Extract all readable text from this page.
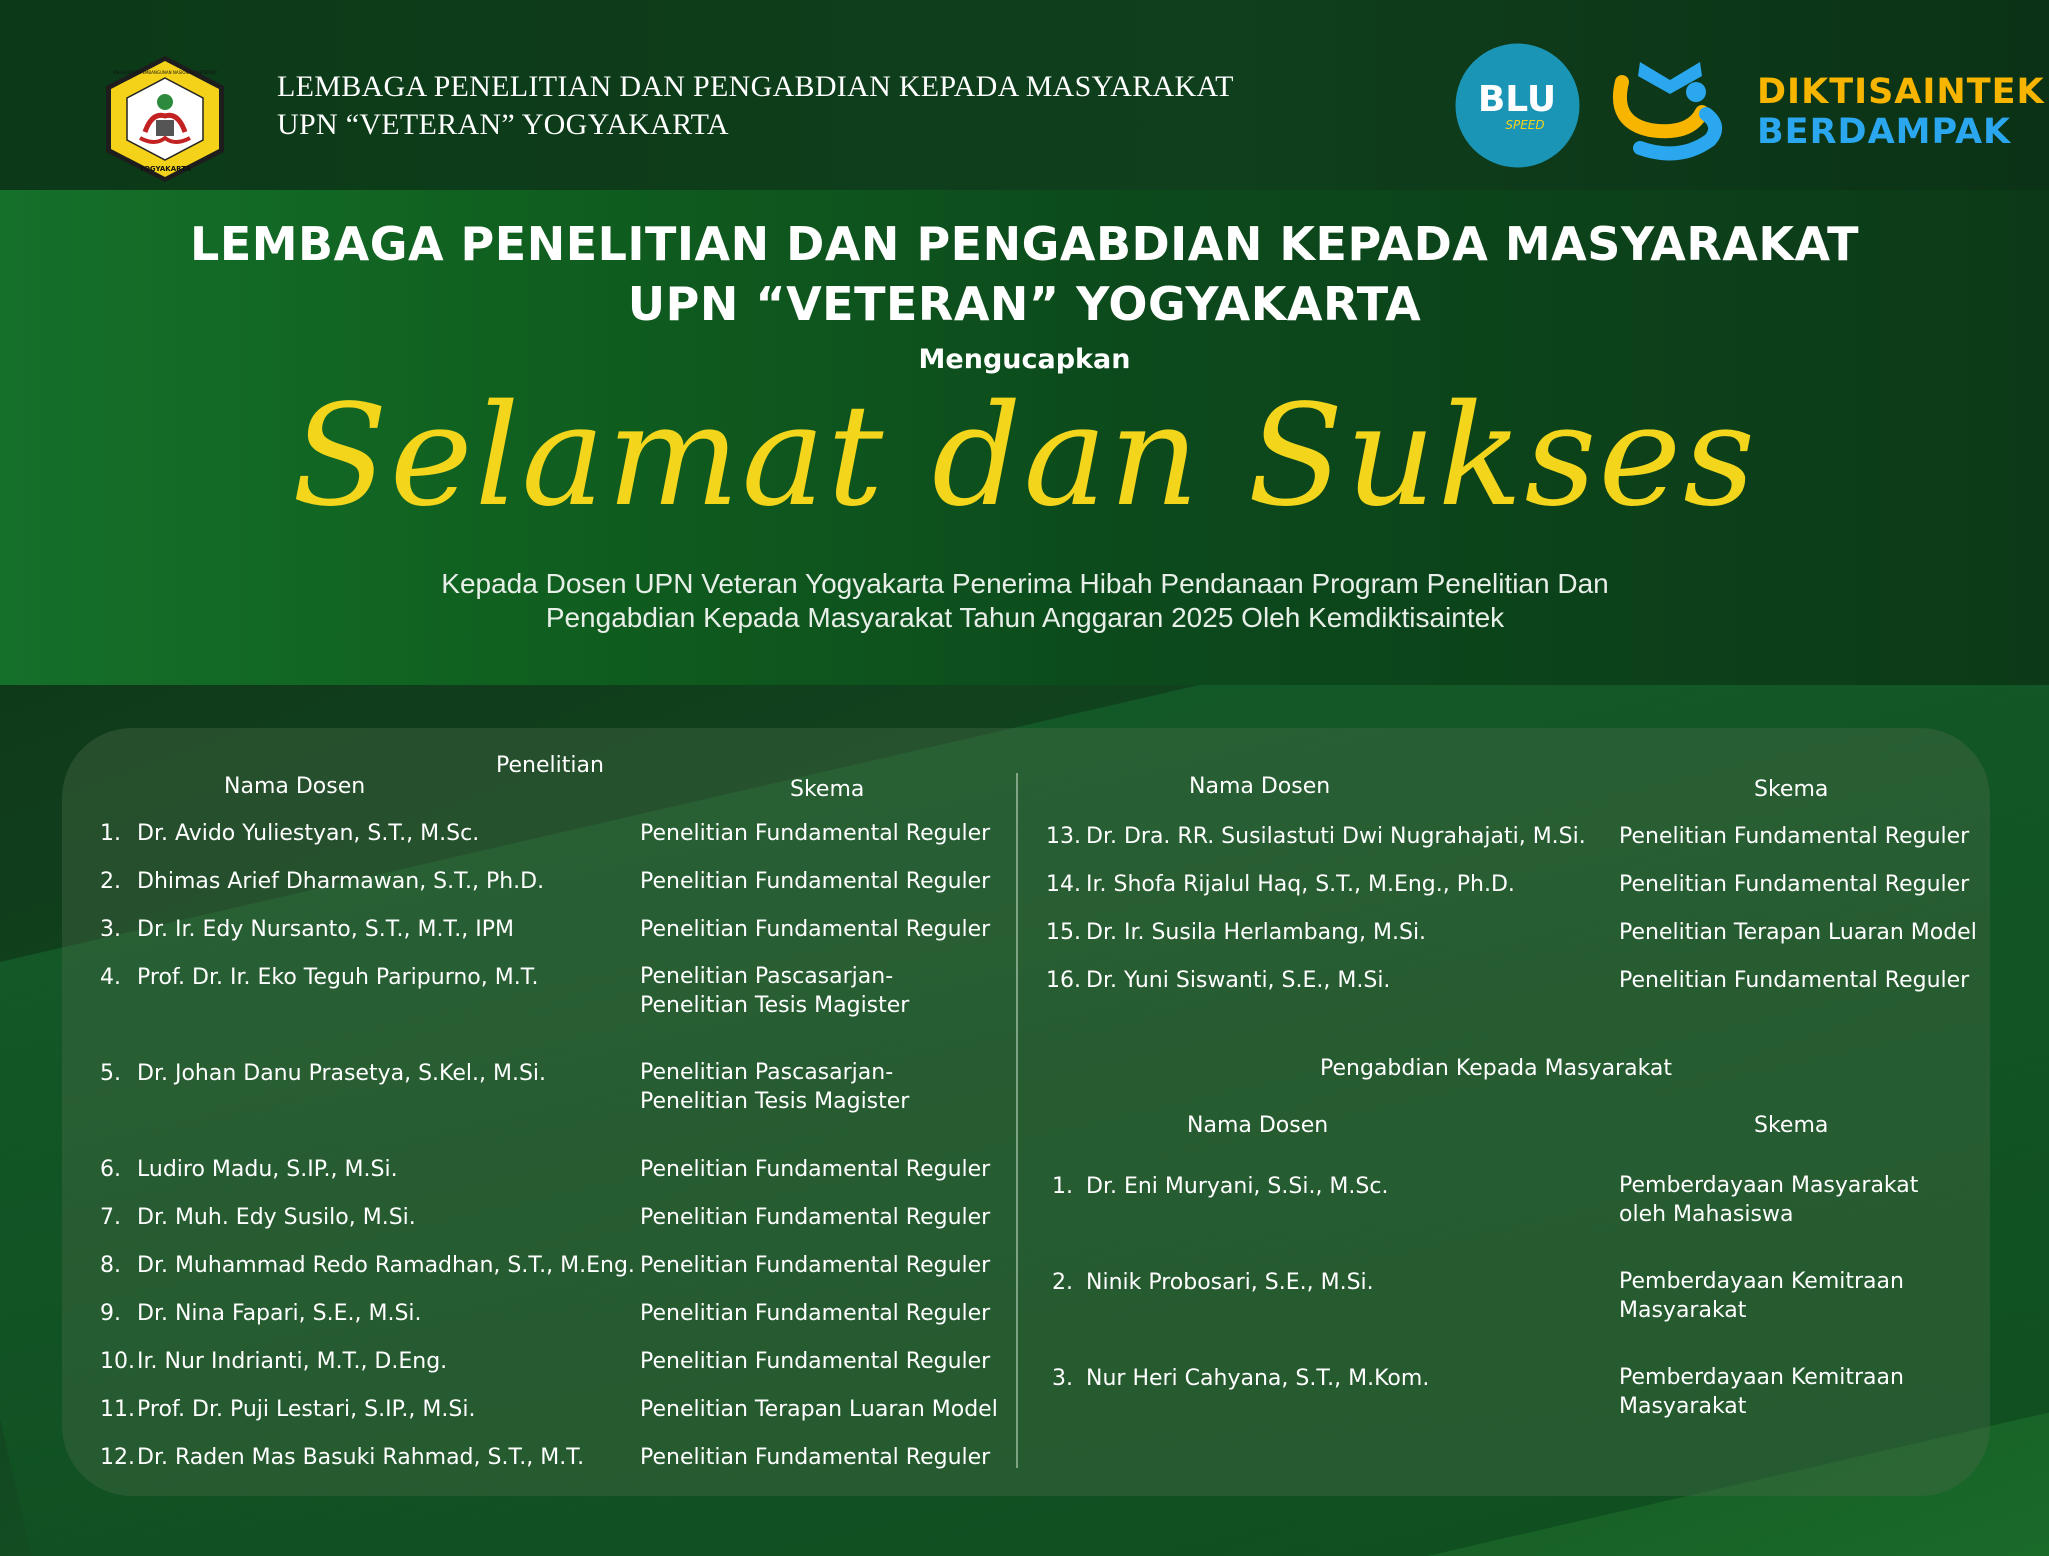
YOGYAKARTA
UNIVERSITAS PEMBANGUNAN NASIONAL “VETERAN” LEMBAGA PENELITIAN DAN PENGABDIAN KEPADA MASYARAKAT
UPN “VETERAN” YOGYAKARTA
BLU
SPEED
DIKTISAINTEK
BERDAMPAK
LEMBAGA PENELITIAN DAN PENGABDIAN KEPADA MASYARAKAT
UPN “VETERAN” YOGYAKARTA
Mengucapkan
Selamat dan Sukses
Kepada Dosen UPN Veteran Yogyakarta Penerima Hibah Pendanaan Program Penelitian Dan Pengabdian Kepada Masyarakat Tahun Anggaran 2025 Oleh Kemdiktisaintek
Penelitian
Nama Dosen	Skema
1. Dr. Avido Yuliestyan, S.T., M.Sc.	Penelitian Fundamental Reguler
2. Dhimas Arief Dharmawan, S.T., Ph.D.	Penelitian Fundamental Reguler
3. Dr. Ir. Edy Nursanto, S.T., M.T., IPM	Penelitian Fundamental Reguler
4. Prof. Dr. Ir. Eko Teguh Paripurno, M.T.	Penelitian Pascasarjan-Penelitian Tesis Magister
5. Dr. Johan Danu Prasetya, S.Kel., M.Si.	Penelitian Pascasarjan-Penelitian Tesis Magister
6. Ludiro Madu, S.IP., M.Si.	Penelitian Fundamental Reguler
7. Dr. Muh. Edy Susilo, M.Si.	Penelitian Fundamental Reguler
8. Dr. Muhammad Redo Ramadhan, S.T., M.Eng. Penelitian Fundamental Reguler
9. Dr. Nina Fapari, S.E., M.Si.	Penelitian Fundamental Reguler
10. Ir. Nur Indrianti, M.T., D.Eng.	Penelitian Fundamental Reguler
11. Prof. Dr. Puji Lestari, S.IP., M.Si.	Penelitian Terapan Luaran Model
12. Dr. Raden Mas Basuki Rahmad, S.T., M.T.	Penelitian Fundamental Reguler
Nama Dosen	Skema
13. Dr. Dra. RR. Susilastuti Dwi Nugrahajati, M.Si. Penelitian Fundamental Reguler
14. Ir. Shofa Rijalul Haq, S.T., M.Eng., Ph.D.	Penelitian Fundamental Reguler
15. Dr. Ir. Susila Herlambang, M.Si.	Penelitian Terapan Luaran Model
16. Dr. Yuni Siswanti, S.E., M.Si.	Penelitian Fundamental Reguler
Pengabdian Kepada Masyarakat
Nama Dosen	Skema
1. Dr. Eni Muryani, S.Si., M.Sc.	Pemberdayaan Masyarakat oleh Mahasiswa
2. Ninik Probosari, S.E., M.Si.	Pemberdayaan Kemitraan Masyarakat
3. Nur Heri Cahyana, S.T., M.Kom.	Pemberdayaan Kemitraan Masyarakat
